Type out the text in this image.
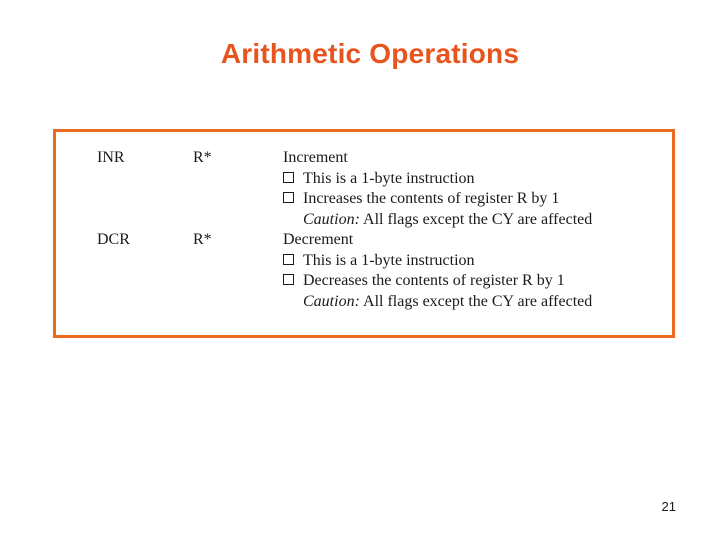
Arithmetic Operations
INR	R*	Increment
This is a 1-byte instruction
Increases the contents of register R by 1
Caution: All flags except the CY are affected
DCR	R*	Decrement
This is a 1-byte instruction
Decreases the contents of register R by 1
Caution: All flags except the CY are affected
21
